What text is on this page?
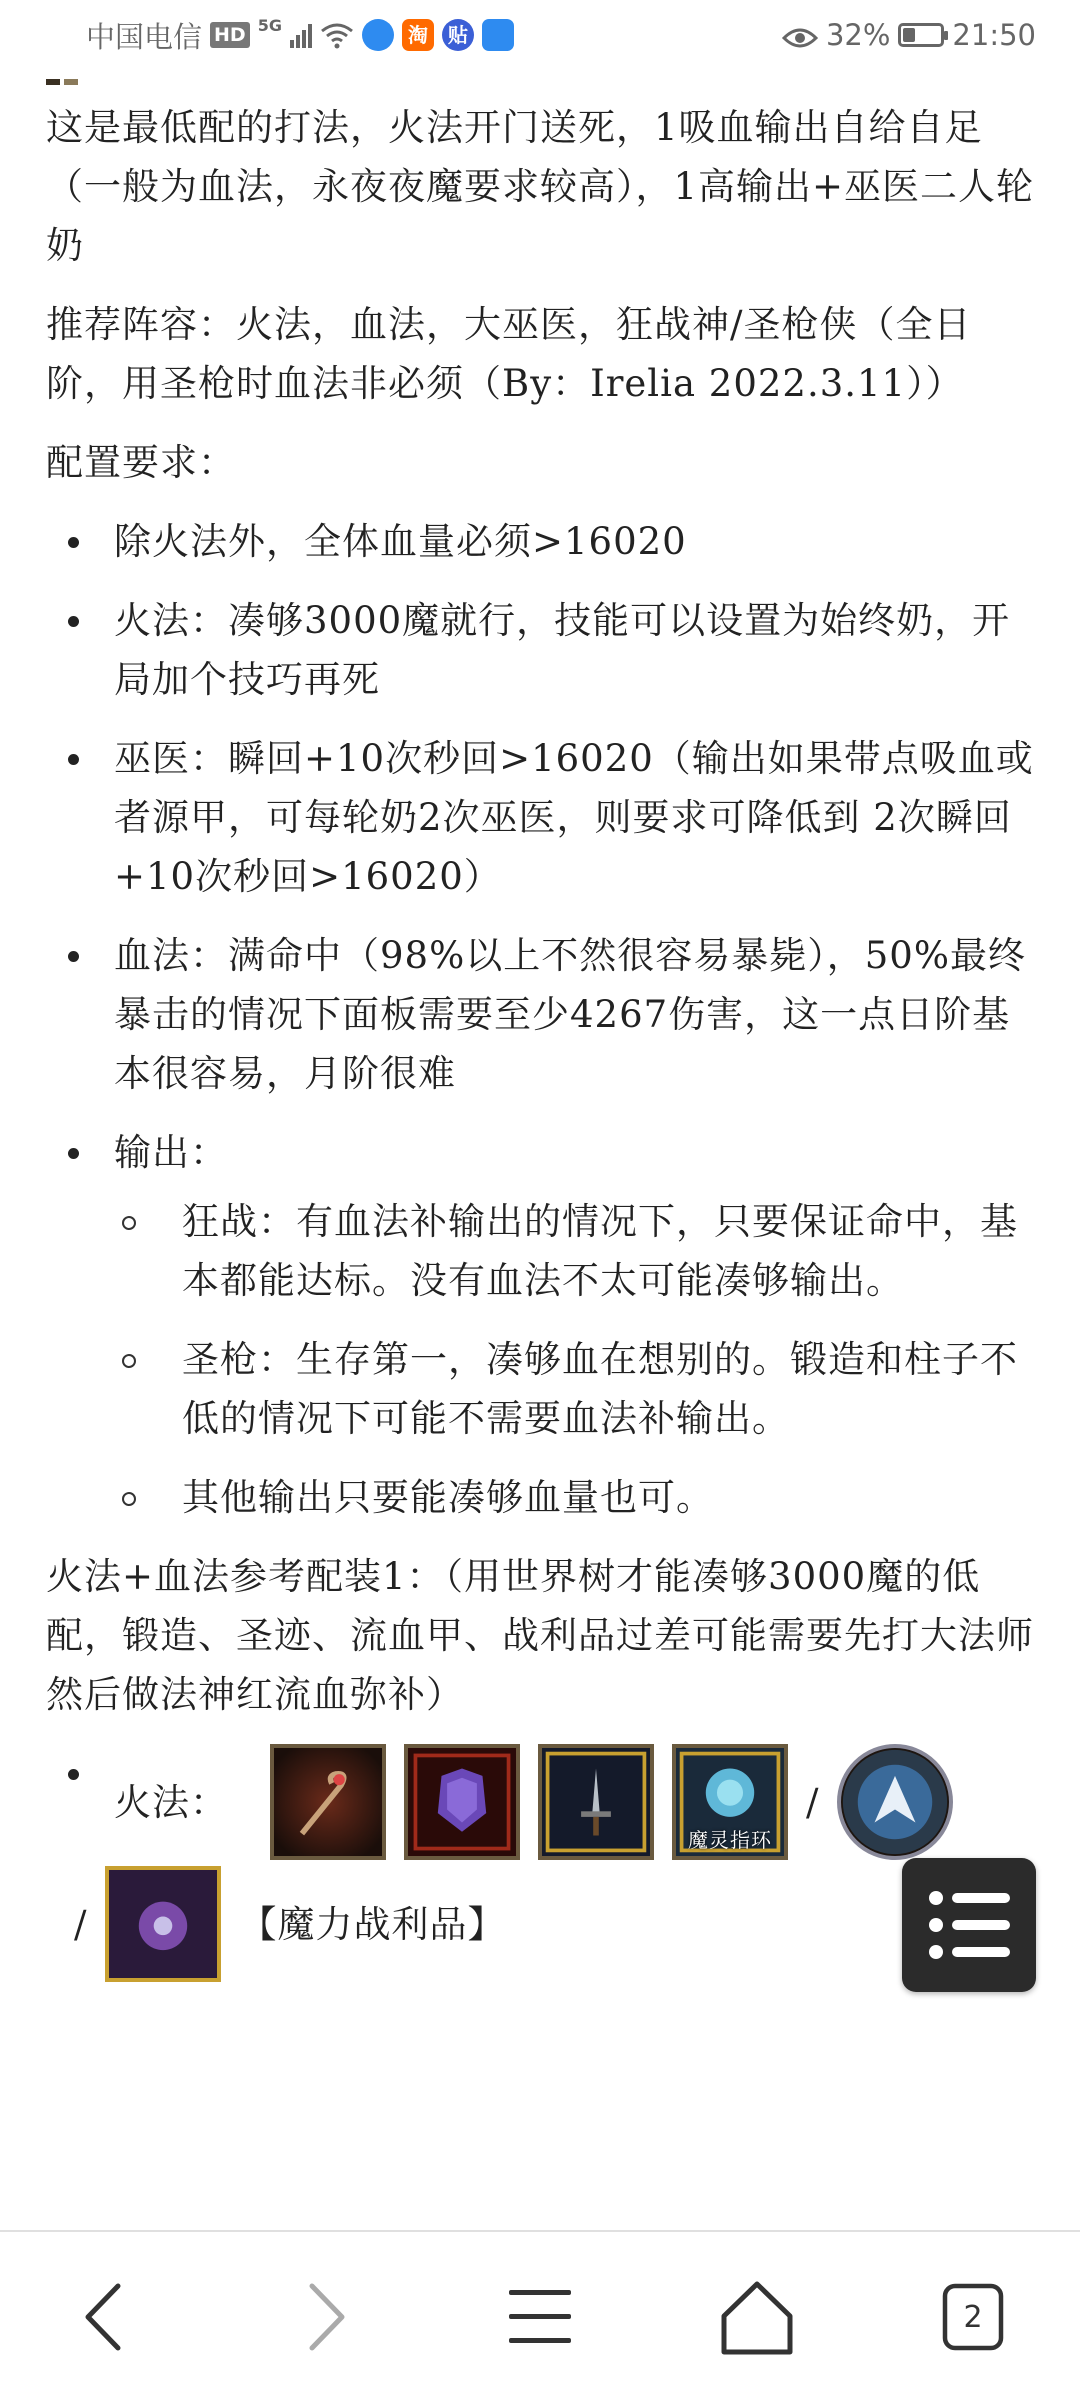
中国电信 HD 5G	淘	贴	32% 21:50

这是最低配的打法，火法开门送死，1吸血输出自给自足（一般为血法，永夜夜魔要求较高），1高输出+巫医二人轮奶

推荐阵容：火法，血法，大巫医，狂战神/圣枪侠（全日阶，用圣枪时血法非必须（By：Irelia 2022.3.11））

配置要求：

除火法外，全体血量必须>16020
火法：凑够3000魔就行，技能可以设置为始终奶，开局加个技巧再死
巫医：瞬回+10次秒回>16020（输出如果带点吸血或者源甲，可每轮奶2次巫医，则要求可降低到 2次瞬回+10次秒回>16020）
血法：满命中（98%以上不然很容易暴毙），50%最终暴击的情况下面板需要至少4267伤害，这一点日阶基本很容易，月阶很难
输出：
狂战：有血法补输出的情况下，只要保证命中，基本都能达标。没有血法不太可能凑够输出。
圣枪：生存第一，凑够血在想别的。锻造和柱子不低的情况下可能不需要血法补输出。
其他输出只要能凑够血量也可。

火法+血法参考配装1：（用世界树才能凑够3000魔的低配，锻造、圣迹、流血甲、战利品过差可能需要先打大法师然后做法神红流血弥补）

火法：
魔灵指环
/
/	【魔力战利品】
2
